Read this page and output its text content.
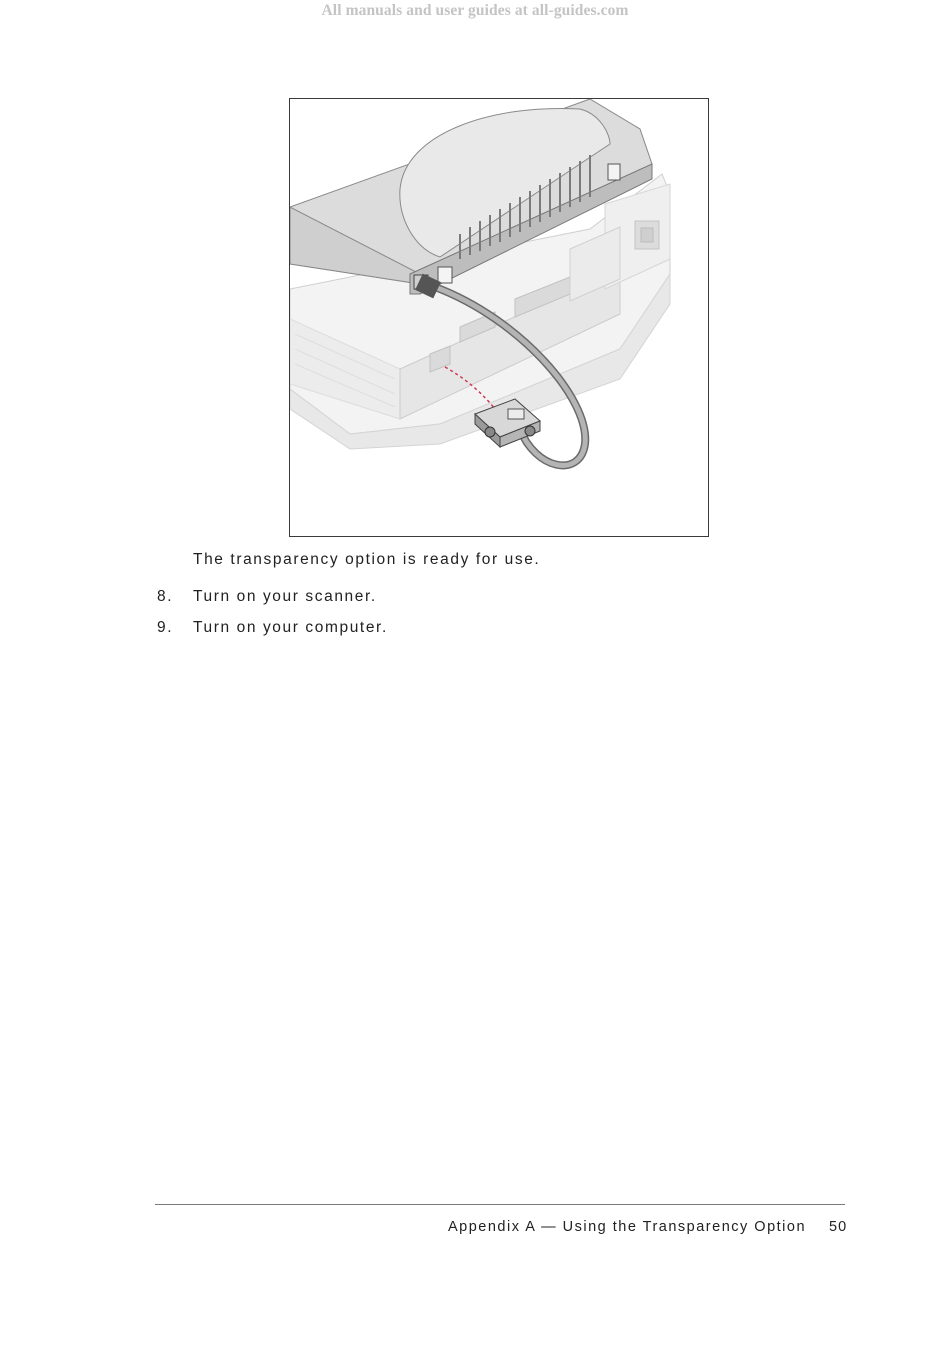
All manuals and user guides at all-guides.com
The transparency option is ready for use.
8. Turn on your scanner.
9. Turn on your computer.
Appendix A — Using the Transparency Option 50
